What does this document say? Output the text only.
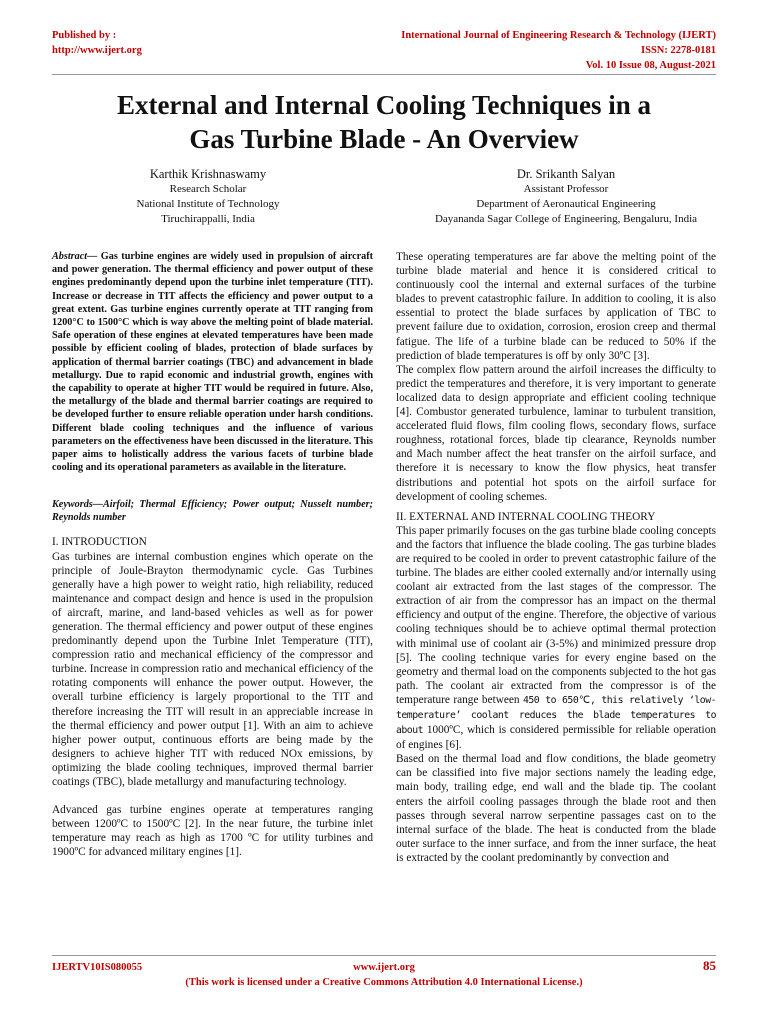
Published by :
http://www.ijert.org
International Journal of Engineering Research & Technology (IJERT)
ISSN: 2278-0181
Vol. 10 Issue 08, August-2021
External and Internal Cooling Techniques in a
Gas Turbine Blade - An Overview
Karthik Krishnaswamy
Research Scholar
National Institute of Technology
Tiruchirappalli, India
Dr. Srikanth Salyan
Assistant Professor
Department of Aeronautical Engineering
Dayananda Sagar College of Engineering, Bengaluru, India

Abstract— Gas turbine engines are widely used in propulsion of aircraft and power generation. The thermal efficiency and power output of these engines predominantly depend upon the turbine inlet temperature (TIT). Increase or decrease in TIT affects the efficiency and power output to a great extent. Gas turbine engines currently operate at TIT ranging from 1200°C to 1500°C which is way above the melting point of blade material. Safe operation of these engines at elevated temperatures have been made possible by efficient cooling of blades, protection of blade surfaces by application of thermal barrier coatings (TBC) and advancement in blade metallurgy. Due to rapid economic and industrial growth, engines with the capability to operate at higher TIT would be required in future. Also, the metallurgy of the blade and thermal barrier coatings are required to be developed further to ensure reliable operation under harsh conditions. Different blade cooling techniques and the influence of various parameters on the effectiveness have been discussed in the literature. This paper aims to holistically address the various facets of turbine blade cooling and its operational parameters as available in the literature.

Keywords—Airfoil; Thermal Efficiency; Power output; Nusselt number; Reynolds number

I. INTRODUCTION

Gas turbines are internal combustion engines which operate on the principle of Joule-Brayton thermodynamic cycle. Gas Turbines generally have a high power to weight ratio, high reliability, reduced maintenance and compact design and hence is used in the propulsion of aircraft, marine, and land-based vehicles as well as for power generation. The thermal efficiency and power output of these engines predominantly depend upon the Turbine Inlet Temperature (TIT), compression ratio and mechanical efficiency of the compressor and turbine. Increase in compression ratio and mechanical efficiency of the rotating components will enhance the power output. However, the overall turbine efficiency is largely proportional to the TIT and therefore increasing the TIT will result in an appreciable increase in the thermal efficiency and power output [1]. With an aim to achieve higher power output, continuous efforts are being made by the designers to achieve higher TIT with reduced NOx emissions, by optimizing the blade cooling techniques, improved thermal barrier coatings (TBC), blade metallurgy and manufacturing technology.

Advanced gas turbine engines operate at temperatures ranging between 1200ºC to 1500ºC [2]. In the near future, the turbine inlet temperature may reach as high as 1700 ºC for utility turbines and 1900ºC for advanced military engines [1].

These operating temperatures are far above the melting point of the turbine blade material and hence it is considered critical to continuously cool the internal and external surfaces of the turbine blades to prevent catastrophic failure. In addition to cooling, it is also essential to protect the blade surfaces by application of TBC to prevent failure due to oxidation, corrosion, erosion creep and thermal fatigue. The life of a turbine blade can be reduced to 50% if the prediction of blade temperatures is off by only 30ºC [3].

The complex flow pattern around the airfoil increases the difficulty to predict the temperatures and therefore, it is very important to generate localized data to design appropriate and efficient cooling technique [4]. Combustor generated turbulence, laminar to turbulent transition, accelerated fluid flows, film cooling flows, secondary flows, surface roughness, rotational forces, blade tip clearance, Reynolds number and Mach number affect the heat transfer on the airfoil surface, and therefore it is necessary to know the flow physics, heat transfer distributions and potential hot spots on the airfoil surface for development of cooling schemes.

II. EXTERNAL AND INTERNAL COOLING THEORY

This paper primarily focuses on the gas turbine blade cooling concepts and the factors that influence the blade cooling. The gas turbine blades are required to be cooled in order to prevent catastrophic failure of the turbine. The blades are either cooled externally and/or internally using coolant air extracted from the last stages of the compressor. The extraction of air from the compressor has an impact on the thermal efficiency and output of the engine. Therefore, the objective of various cooling techniques should be to achieve optimal thermal protection with minimal use of coolant air (3-5%) and minimized pressure drop [5]. The cooling technique varies for every engine based on the geometry and thermal load on the components subjected to the hot gas path. The coolant air extracted from the compressor is of the temperature range between 450 to 650℃, this relatively ‘low-temperature’ coolant reduces the blade temperatures to about 1000ºC, which is considered permissible for reliable operation of engines [6].

Based on the thermal load and flow conditions, the blade geometry can be classified into five major sections namely the leading edge, main body, trailing edge, end wall and the blade tip. The coolant enters the airfoil cooling passages through the blade root and then passes through several narrow serpentine passages cast on to the internal surface of the blade. The heat is conducted from the blade outer surface to the inner surface, and from the inner surface, the heat is extracted by the coolant predominantly by convection and

IJERTV10IS080055	www.ijert.org	85
(This work is licensed under a Creative Commons Attribution 4.0 International License.)
